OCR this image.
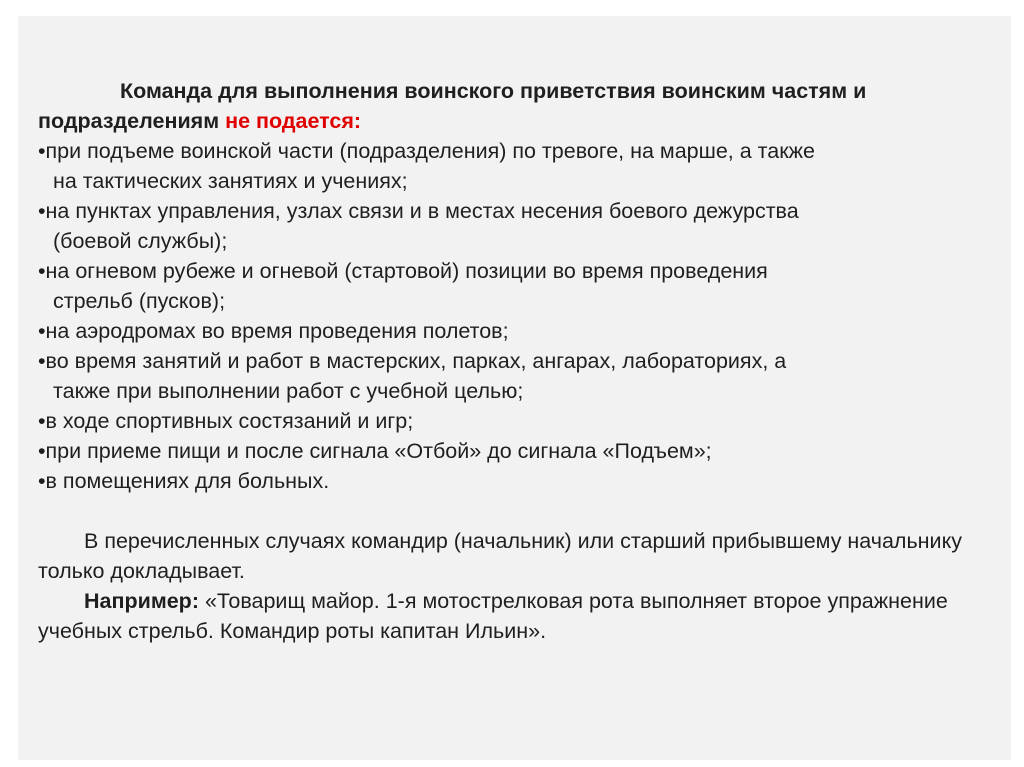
Команда для выполнения воинского приветствия воинским частям и подразделениям не подается:

•при подъеме воинской части (подразделения) по тревоге, на марше, а также
на тактических занятиях и учениях;
•на пунктах управления, узлах связи и в местах несения боевого дежурства
(боевой службы);
•на огневом рубеже и огневой (стартовой) позиции во время проведения
стрельб (пусков);
•на аэродромах во время проведения полетов;
•во время занятий и работ в мастерских, парках, ангарах, лабораториях, а
также при выполнении работ с учебной целью;
•в ходе спортивных состязаний и игр;
•при приеме пищи и после сигнала «Отбой» до сигнала «Подъем»;
•в помещениях для больных.

В перечисленных случаях командир (начальник) или старший прибывшему начальнику только докладывает.

Например: «Товарищ майор. 1-я мотострелковая рота выполняет второе упражнение учебных стрельб. Командир роты капитан Ильин».
